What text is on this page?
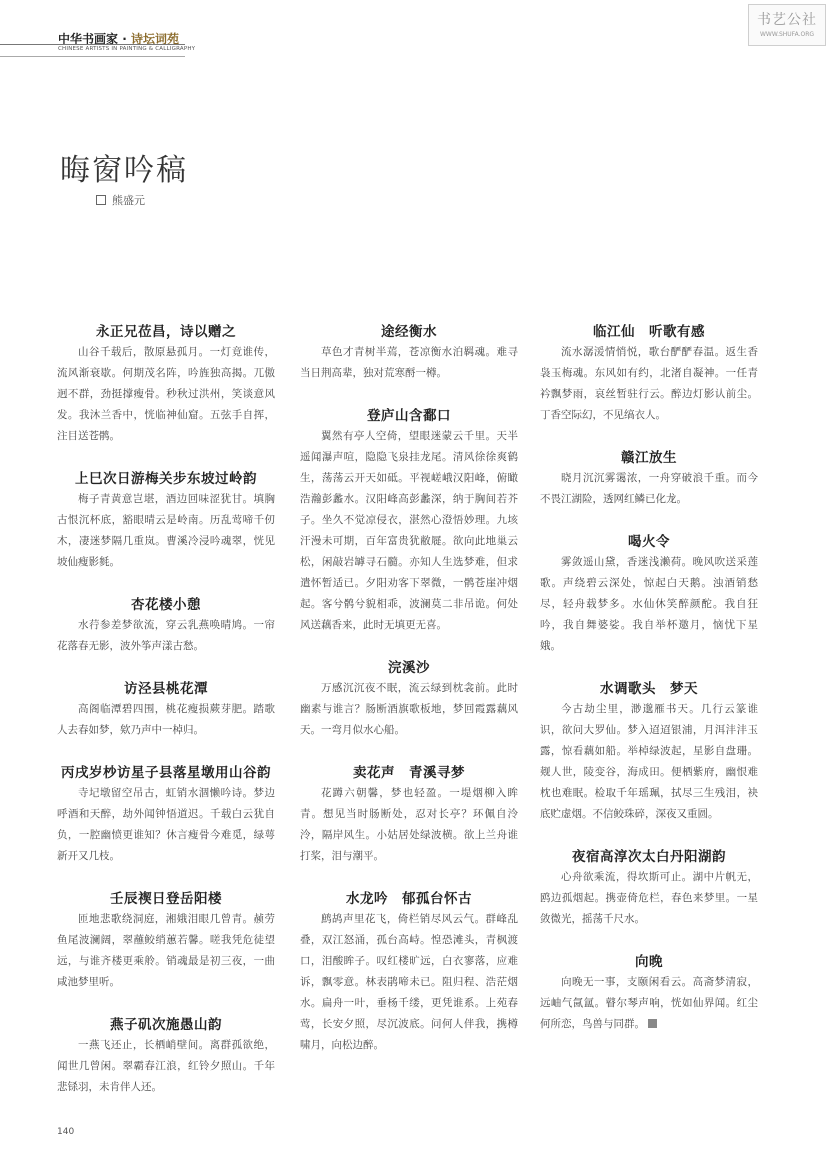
中华书画家 · 诗坛词苑
CHINESE ARTISTS IN PAINTING & CALLIGRAPHY
书艺公社
WWW.SHUFA.ORG
晦窗吟稿
熊盛元
永正兄莅昌，诗以赠之

山谷千载后，散原悬孤月。一灯竟谁传，流风渐衰歇。何期茂名阵，吟旌独高揭。兀傲迥不群，劲挺撑瘦骨。秒秋过洪州，笑谈意风发。我沐兰香中，恍临神仙窟。五弦手自挥，注目送苍鹘。

上巳次日游梅关步东坡过岭韵

梅子青黄意岂堪，酒边回味涩犹甘。填胸古恨沉杯底，豁眼晴云是岭南。历乱莺啼千仞木，凄迷梦隔几重岚。曹溪冷浸吟魂翠，恍见坡仙瘦影毵。

杏花楼小憩

水荇参差梦欲流，穿云乳燕唤晴鸠。一帘花落春无影，波外筝声漾古愁。

访泾县桃花潭

高阁临潭碧四围，桃花瘦损蕨芽肥。踏歌人去春如梦，欸乃声中一棹归。

丙戌岁杪访星子县落星墩用山谷韵

寺圮墩留空吊古，虹销水涸懒吟诗。梦边呼酒和天醉，劫外闻钟悟道迟。千载白云犹自负，一腔幽愤更谁知？休言瘦骨今难觅，绿萼新开又几枝。

壬辰禊日登岳阳楼

匝地悲歌绕洞庭，湘娥泪眼几曾青。赪劳鱼尾波澜阔，翠蘸鲛绡蕙若馨。嗟我凭危徒望远，与谁齐楼更乘舲。销魂最是初三夜，一曲咸池梦里听。

燕子矶次施愚山韵

一燕飞还止，长栖峭壁间。离群孤欲绝，闻世几曾闲。翠霸春江浪，红铃夕照山。千年悲铩羽，未肯伴人还。

途经衡水

草色才青树半蔫，苍凉衡水泊羁魂。难寻当日荆高辈，独对荒寒酹一樽。

登庐山含鄱口

翼然有亭人空倚，望眼迷蒙云千里。天半遥闻瀑声喧，隐隐飞泉挂龙尾。清风徐徐爽鹤生，荡荡云开天如砥。平视嵯峨汉阳峰，俯瞰浩瀚彭蠡水。汉阳峰高彭蠡深，纳于胸间若芥子。坐久不觉凉侵衣，湛然心澄悟妙理。九垓汗漫未可期，百年富贵犹敝屣。欲向此地巢云松，闲敲岩罅寻石髓。亦知人生选梦难，但求遣怀暂适已。夕阳劝客下翠微，一鹘苍崖冲烟起。客兮鹘兮貌相乖，波澜莫二非吊诡。何处风送藕香来，此时无填更无喜。

浣溪沙

万感沉沉夜不眠，流云绿到枕衾前。此时幽素与谁言？肠断酒旗歌板地，梦回霞露藕风天。一弯月似水心船。

卖花声　青溪寻梦

花蹲六朝馨，梦也轻盈。一堤烟柳入眸青。想见当时肠断处，忍对长亭？环佩自泠泠，隔岸风生。小姑居处绿波横。欲上兰舟谁打桨，泪与潮平。

水龙吟　郁孤台怀古

鹧鸪声里花飞，倚栏销尽风云气。群峰乱叠，双江怒涌，孤台高峙。惶恐滩头，青枫渡口，泪酸眸子。叹红楼旷远，白衣寥落，应难诉，飘零意。林表鹃啼未已。阻归程、浩茫烟水。扁舟一叶，垂杨千缕，更凭谁系。上苑春莺，长安夕照，尽沉波底。问何人伴我，携樽啸月，向松边醉。

临江仙　听歌有感

流水潺湲情悄悦，歌台酽酽春温。返生香袅玉梅魂。东风如有约，北渚自凝神。一任青衿飘梦雨，哀丝暂驻行云。醉边灯影认前尘。丁香空际幻，不见缟衣人。

赣江放生

晓月沉沉雾霭浓，一舟穿破浪千重。而今不畏江湖险，透网红鳞已化龙。

喝火令

雾敛遥山黛，香迷浅濑荷。晚风吹送采莲歌。声绕碧云深处，惊起白天鹅。浊酒销愁尽，轻舟载梦多。水仙休笑醉颜酡。我自狂吟，我自舞婆娑。我自举杯邀月，恼忧下星娥。

水调歌头　梦天

今古劫尘里，渺邈雁书天。几行云篆谁识，欲问大罗仙。梦入迢迢银浦，月洱沣沣玉露，惊看藕如船。举棹绿波起，星影自盘珊。觌人世，陵变谷，海成田。便栖紫府，幽恨难枕也难眠。检取千年瑶珮，拭尽三生残泪，袂底贮虚烟。不信鲛珠碎，深夜又重圆。

夜宿高淳次太白丹阳湖韵

心舟欲乘流，得坎斯可止。湖中片帆无，鸥边孤烟起。携壶倚危栏，春色来梦里。一星敛微光，摇荡千尺水。

向晚

向晚无一事，支颐闲看云。高斋梦清寂，远岫气氤氲。瞽尔琴声响，恍如仙界闻。红尘何所恋，鸟兽与同群。

140
